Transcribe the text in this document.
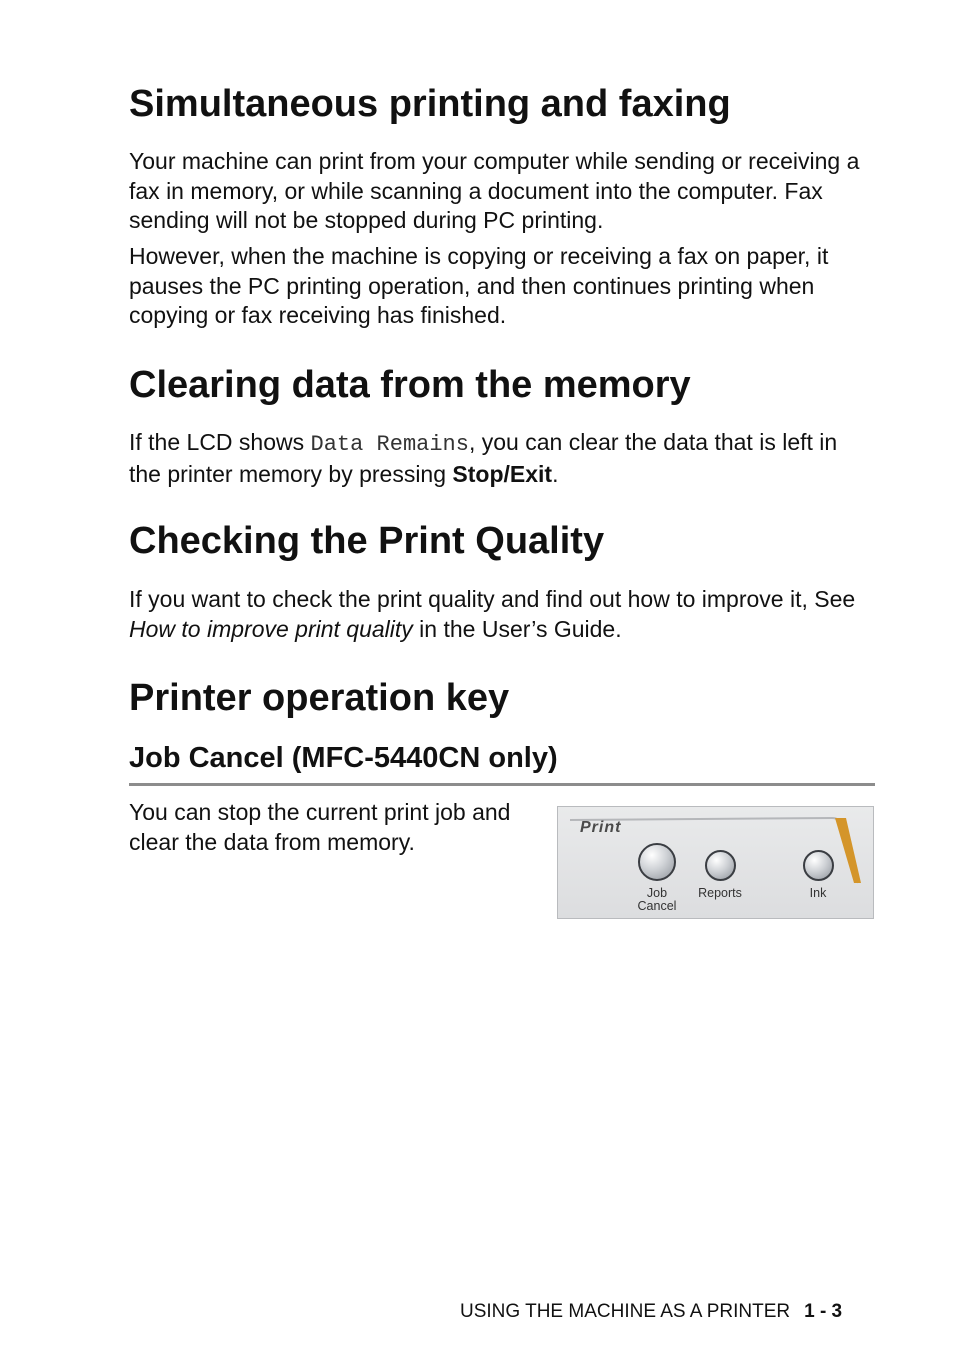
Simultaneous printing and faxing

Your machine can print from your computer while sending or receiving a fax in memory, or while scanning a document into the computer. Fax sending will not be stopped during PC printing.

However, when the machine is copying or receiving a fax on paper, it pauses the PC printing operation, and then continues printing when copying or fax receiving has finished.

Clearing data from the memory

If the LCD shows Data Remains, you can clear the data that is left in the printer memory by pressing Stop/Exit.

Checking the Print Quality

If you want to check the print quality and find out how to improve it, See How to improve print quality in the User’s Guide.

Printer operation key
Job Cancel (MFC-5440CN only)

You can stop the current print job and clear the data from memory.

Print
Job
Cancel
Reports	Ink
USING THE MACHINE AS A PRINTER 1 - 3
